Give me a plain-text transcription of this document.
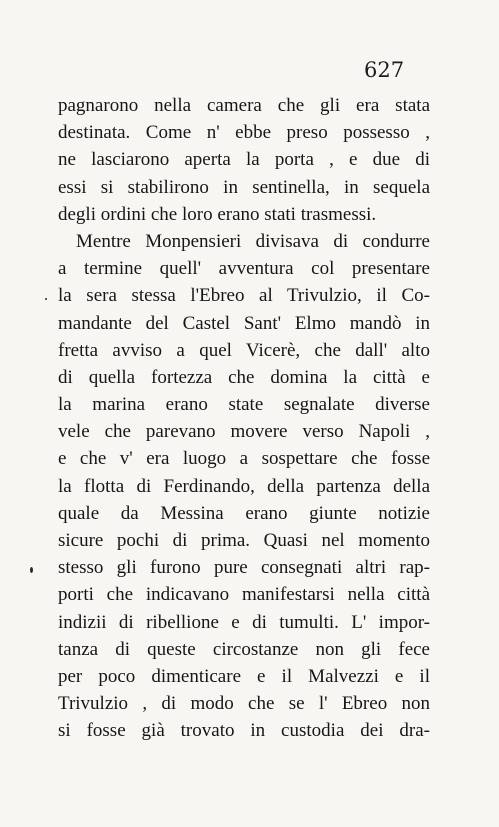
627
pagnarono nella camera che gli era stata
destinata. Come n' ebbe preso possesso ,
ne lasciarono aperta la porta , e due di
essi si stabilirono in sentinella, in sequela
degli ordini che loro erano stati trasmessi.
Mentre Monpensieri divisava di condurre
a termine quell' avventura col presentare
la sera stessa l'Ebreo al Trivulzio, il Co-
mandante del Castel Sant' Elmo mandò in
fretta avviso a quel Vicerè, che dall' alto
di quella fortezza che domina la città e
la marina erano state segnalate diverse
vele che parevano movere verso Napoli ,
e che v' era luogo a sospettare che fosse
la flotta di Ferdinando, della partenza della
quale da Messina erano giunte notizie
sicure pochi di prima. Quasi nel momento
stesso gli furono pure consegnati altri rap-
porti che indicavano manifestarsi nella città
indizii di ribellione e di tumulti. L' impor-
tanza di queste circostanze non gli fece
per poco dimenticare e il Malvezzi e il
Trivulzio , di modo che se l' Ebreo non
si fosse già trovato in custodia dei dra-
